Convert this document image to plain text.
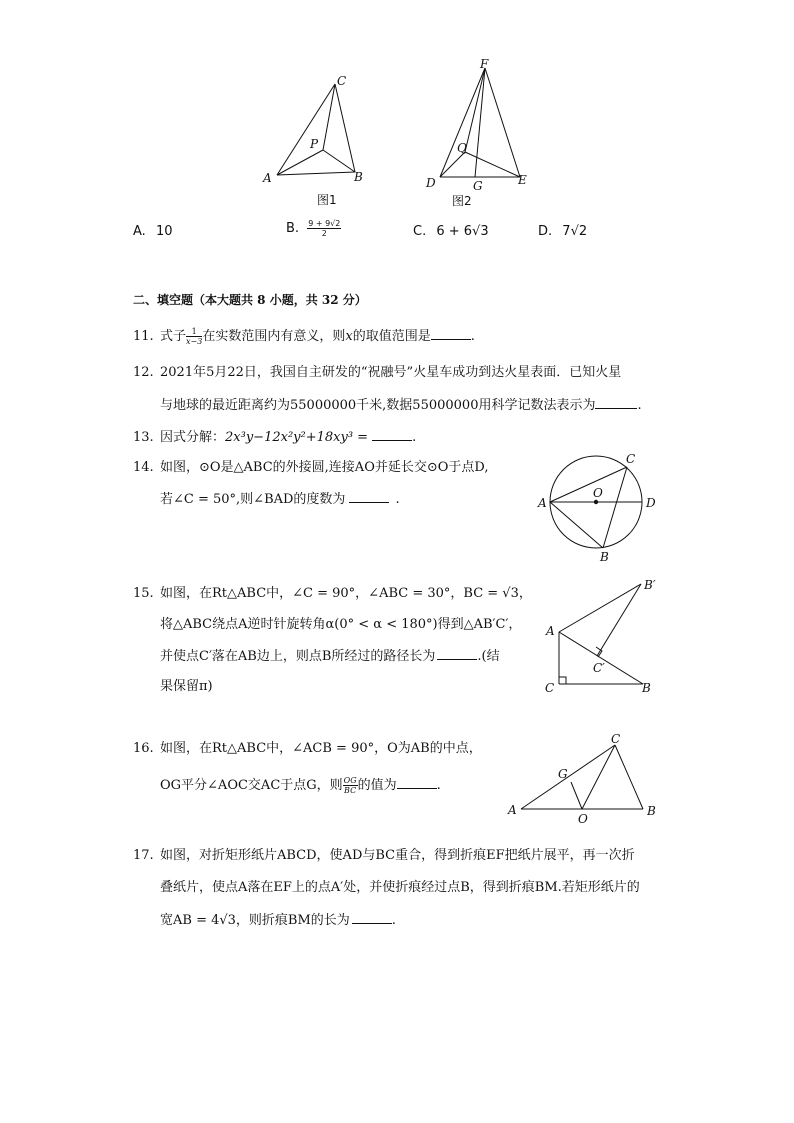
C
P
A	B
图1
F
Q
D	G	E
图2
A. 10	B. $\frac{9 + 9√2}{2}$	C. 6 + 6√3	D. 7√2
二、填空题（本大题共 8 小题，共 32 分）
11. 式子 $\frac{1}{x-3}$ 在实数范围内有意义，则x的取值范围是	.
12. 2021年5月22日，我国自主研发的“祝融号”火星车成功到达火星表面．已知火星
与地球的最近距离约为55000000千米,数据55000000用科学记数法表示为	.
13. 因式分解：2x³y−12x²y²+18xy³ =	.
14. 如图，⊙O是△ABC的外接圆,连接AO并延长交⊙O于点D,
若∠C = 50°,则∠BAD的度数为	.
C
O
A	D
B
15. 如图，在Rt△ABC中，∠C = 90°，∠ABC = 30°，BC = √3，
将△ABC绕点A逆时针旋转角α(0° < α < 180°)得到△AB′C′，
并使点C′落在AB边上，则点B所经过的路径长为	.(结
果保留π)
B′
A
C′
C	B
16. 如图，在Rt△ABC中，∠ACB = 90°，O为AB的中点，
OG平分∠AOC交AC于点G，则 $\frac{OG}{BC}$ 的值为	.
C
G
A	B
O
17. 如图，对折矩形纸片ABCD，使AD与BC重合，得到折痕EF把纸片展平，再一次折
叠纸片，使点A落在EF上的点A′处，并使折痕经过点B，得到折痕BM.若矩形纸片的
宽AB = 4√3，则折痕BM的长为	.
